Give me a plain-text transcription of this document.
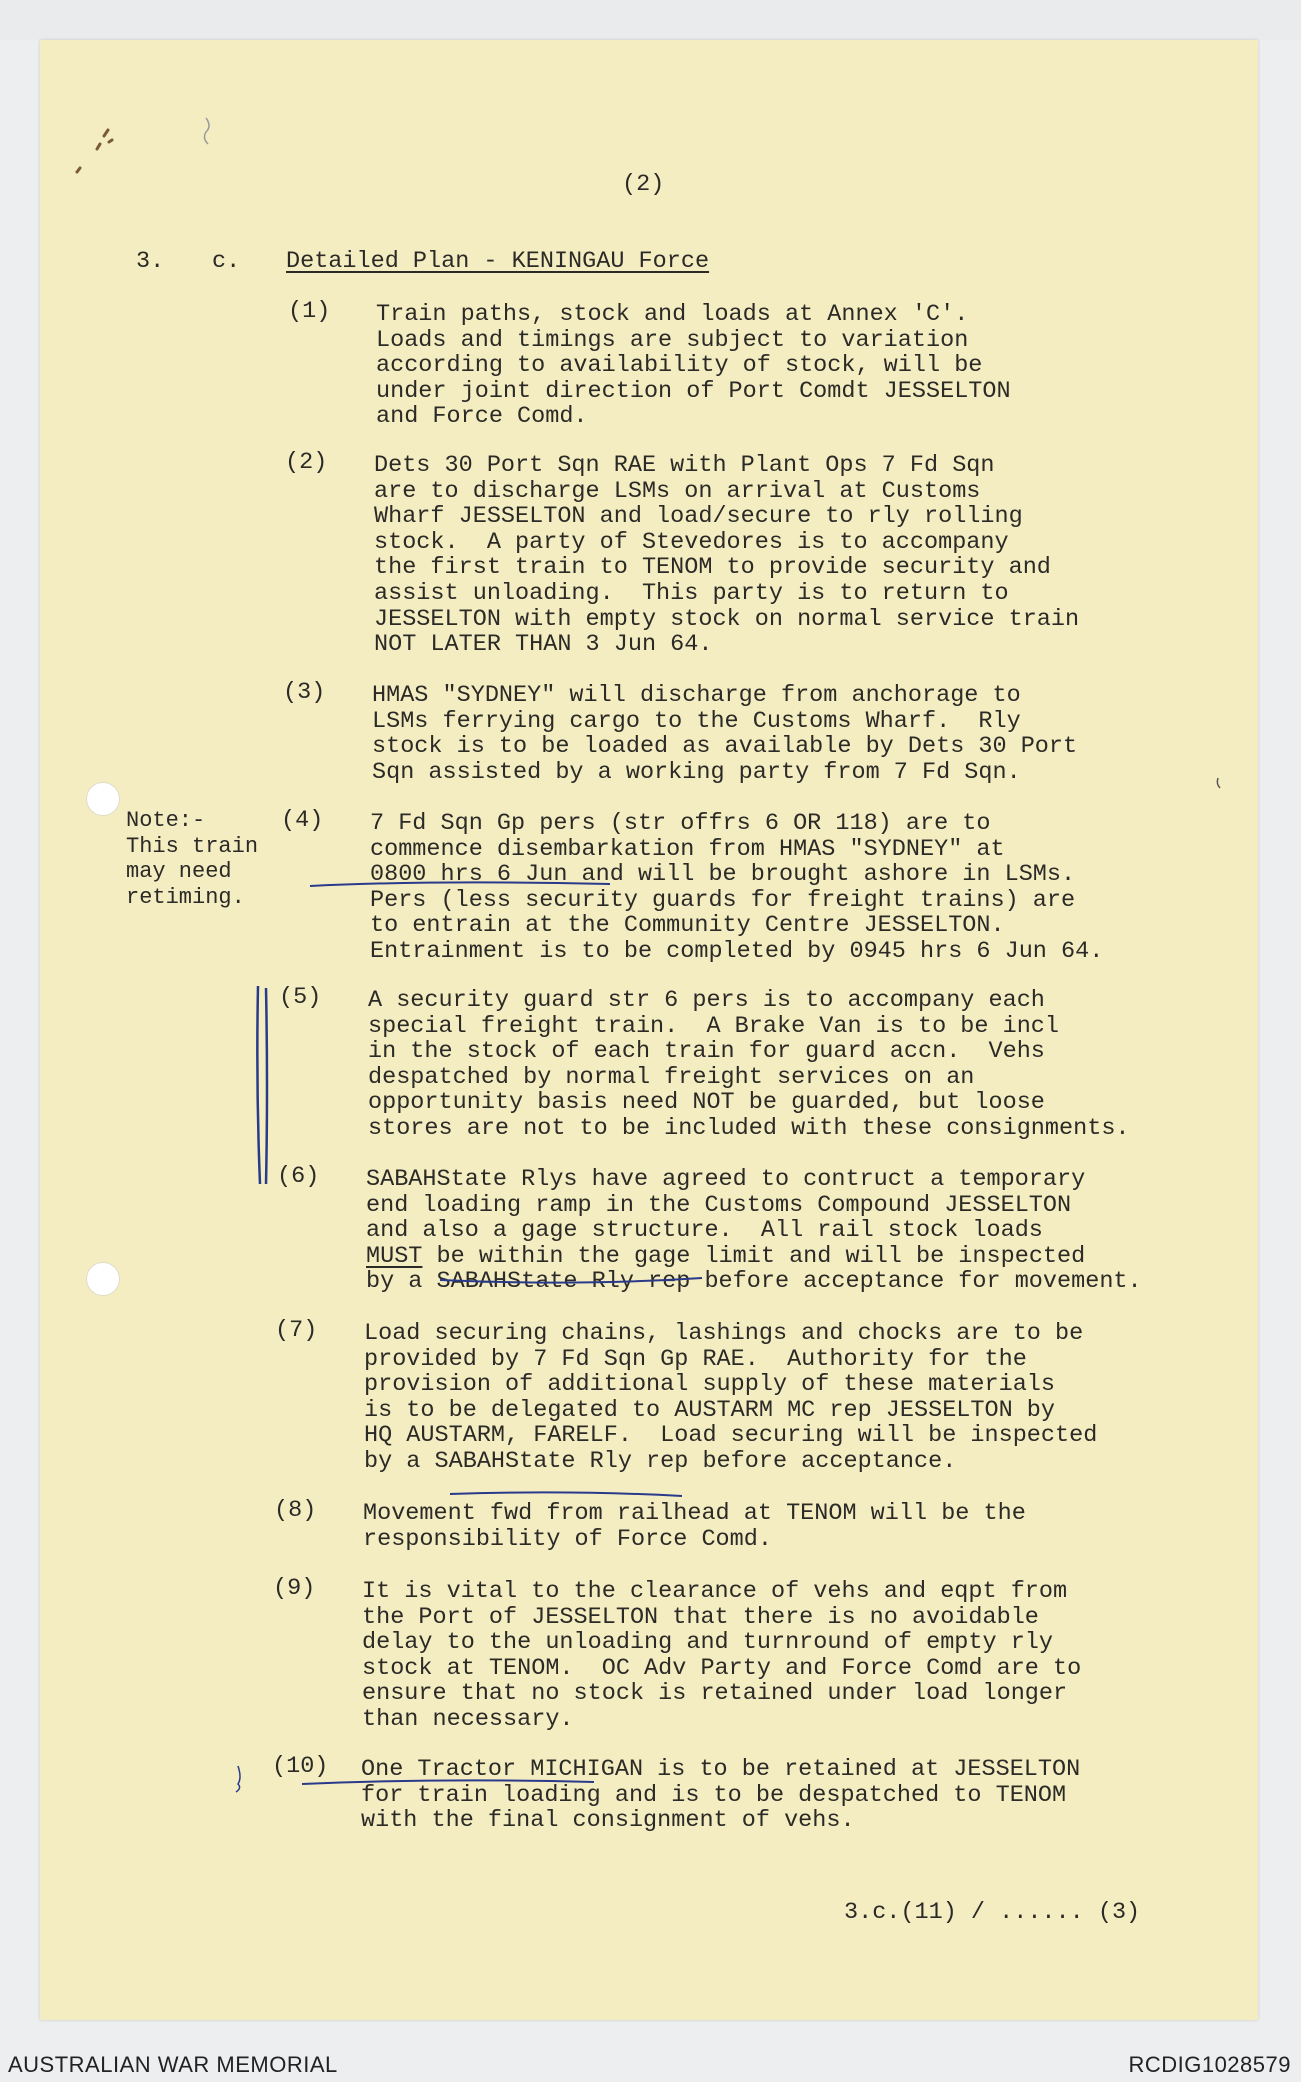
(2)
3. c. Detailed Plan - KENINGAU Force
Note:-
This train
may need
retiming.
(1) Train paths, stock and loads at Annex 'C'.
Loads and timings are subject to variation
according to availability of stock, will be
under joint direction of Port Comdt JESSELTON
and Force Comd.
(2) Dets 30 Port Sqn RAE with Plant Ops 7 Fd Sqn
are to discharge LSMs on arrival at Customs
Wharf JESSELTON and load/secure to rly rolling
stock.  A party of Stevedores is to accompany
the first train to TENOM to provide security and
assist unloading.  This party is to return to
JESSELTON with empty stock on normal service train
NOT LATER THAN 3 Jun 64.
(3) HMAS "SYDNEY" will discharge from anchorage to
LSMs ferrying cargo to the Customs Wharf.  Rly
stock is to be loaded as available by Dets 30 Port
Sqn assisted by a working party from 7 Fd Sqn.
(4) 7 Fd Sqn Gp pers (str offrs 6 OR 118) are to
commence disembarkation from HMAS "SYDNEY" at
0800 hrs 6 Jun and will be brought ashore in LSMs.
Pers (less security guards for freight trains) are
to entrain at the Community Centre JESSELTON.
Entrainment is to be completed by 0945 hrs 6 Jun 64.
(5) A security guard str 6 pers is to accompany each
special freight train.  A Brake Van is to be incl
in the stock of each train for guard accn.  Vehs
despatched by normal freight services on an
opportunity basis need NOT be guarded, but loose
stores are not to be included with these consignments.
(6) SABAHState Rlys have agreed to contruct a temporary
end loading ramp in the Customs Compound JESSELTON
and also a gage structure.  All rail stock loads
MUST be within the gage limit and will be inspected
by a SABAHState Rly rep before acceptance for movement.
(7) Load securing chains, lashings and chocks are to be
provided by 7 Fd Sqn Gp RAE.  Authority for the
provision of additional supply of these materials
is to be delegated to AUSTARM MC rep JESSELTON by
HQ AUSTARM, FARELF.  Load securing will be inspected
by a SABAHState Rly rep before acceptance.
(8) Movement fwd from railhead at TENOM will be the
responsibility of Force Comd.
(9) It is vital to the clearance of vehs and eqpt from
the Port of JESSELTON that there is no avoidable
delay to the unloading and turnround of empty rly
stock at TENOM.  OC Adv Party and Force Comd are to
ensure that no stock is retained under load longer
than necessary.
(10) One Tractor MICHIGAN is to be retained at JESSELTON
for train loading and is to be despatched to TENOM
with the final consignment of vehs.
3.c.(11) / ...... (3)
AUSTRALIAN WAR MEMORIAL	RCDIG1028579
